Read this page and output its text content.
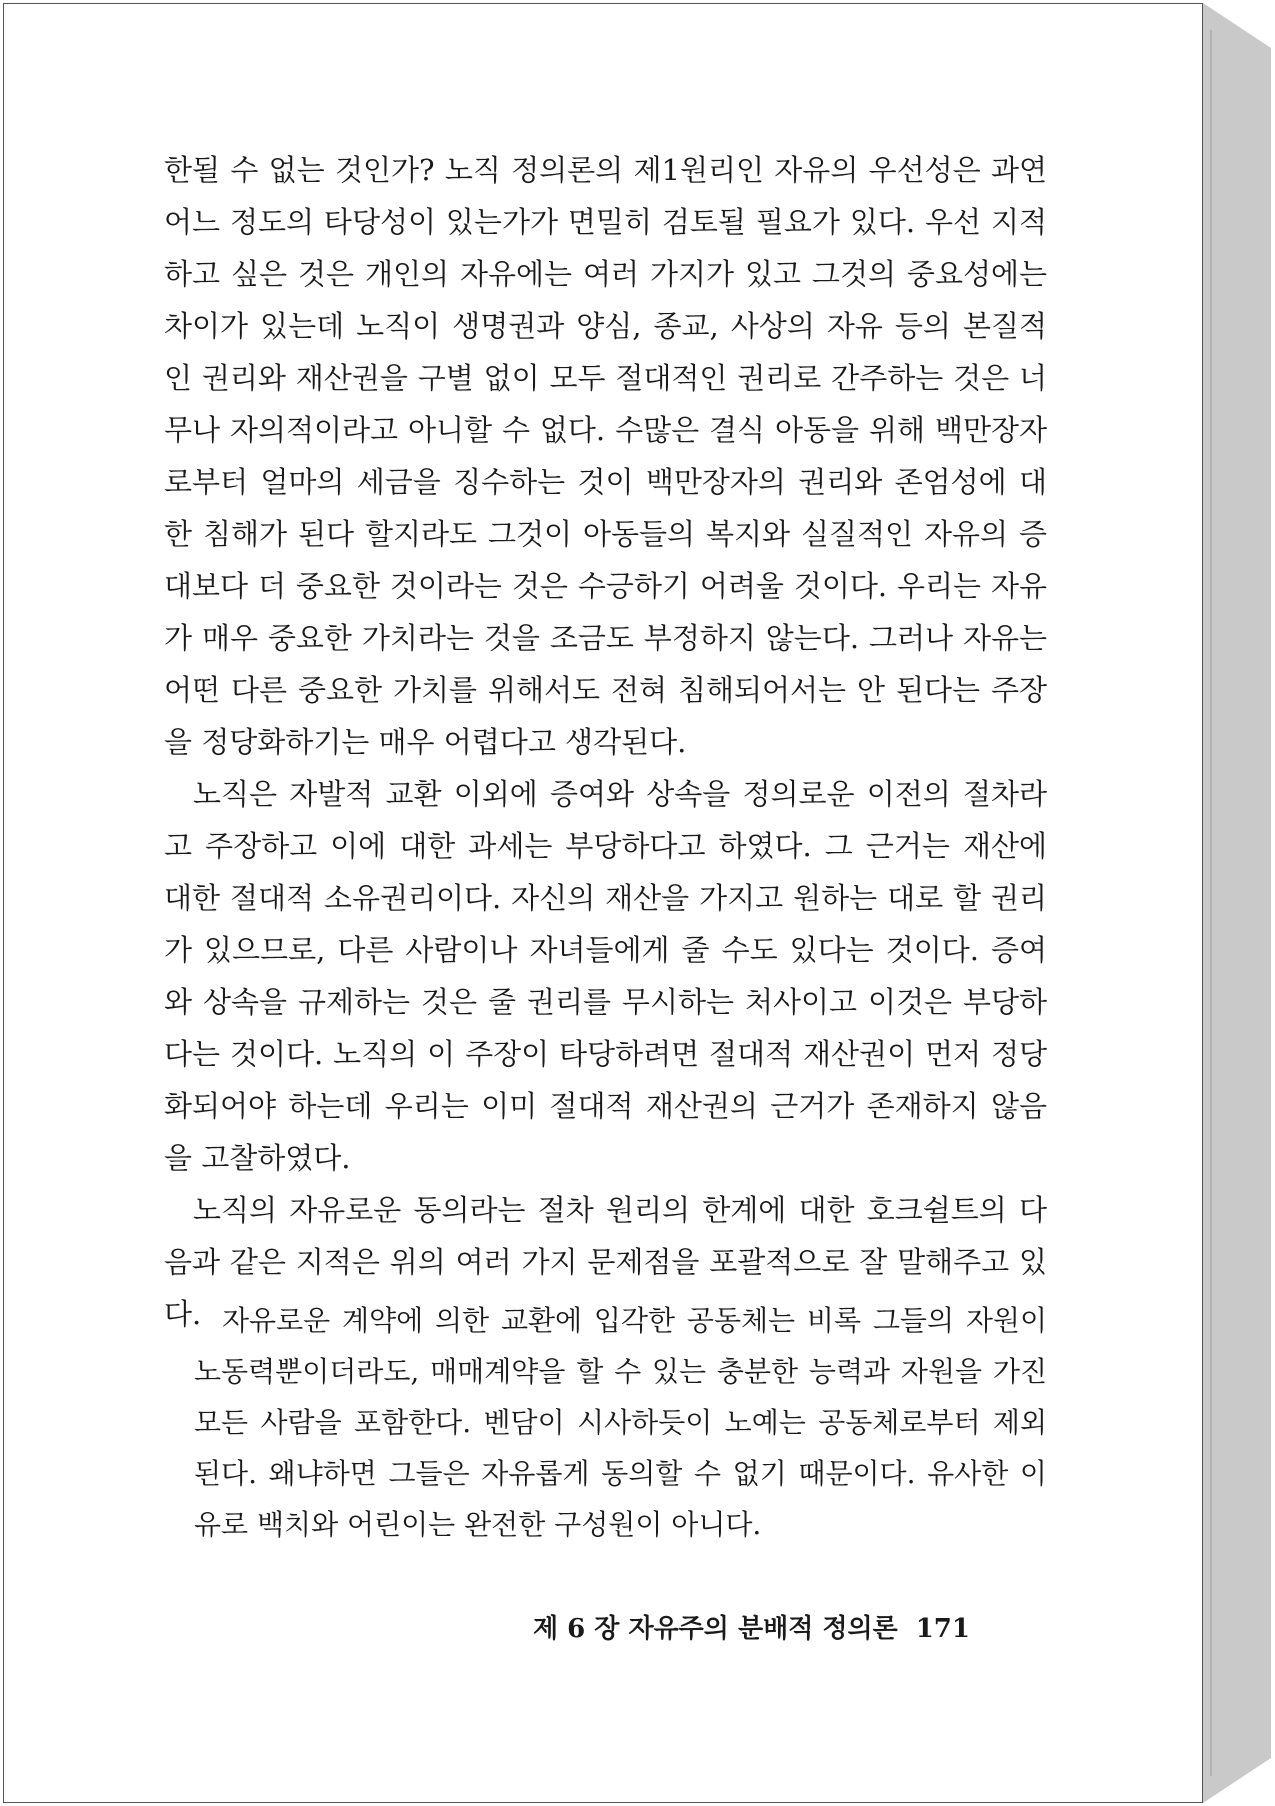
한될 수 없는 것인가? 노직 정의론의 제1원리인 자유의 우선성은 과연 어느 정도의 타당성이 있는가가 면밀히 검토될 필요가 있다. 우선 지적하고 싶은 것은 개인의 자유에는 여러 가지가 있고 그것의 중요성에는 차이가 있는데 노직이 생명권과 양심, 종교, 사상의 자유 등의 본질적인 권리와 재산권을 구별 없이 모두 절대적인 권리로 간주하는 것은 너무나 자의적이라고 아니할 수 없다. 수많은 결식 아동을 위해 백만장자로부터 얼마의 세금을 징수하는 것이 백만장자의 권리와 존엄성에 대한 침해가 된다 할지라도 그것이 아동들의 복지와 실질적인 자유의 증대보다 더 중요한 것이라는 것은 수긍하기 어려울 것이다. 우리는 자유가 매우 중요한 가치라는 것을 조금도 부정하지 않는다. 그러나 자유는 어떤 다른 중요한 가치를 위해서도 전혀 침해되어서는 안 된다는 주장을 정당화하기는 매우 어렵다고 생각된다.

노직은 자발적 교환 이외에 증여와 상속을 정의로운 이전의 절차라고 주장하고 이에 대한 과세는 부당하다고 하였다. 그 근거는 재산에 대한 절대적 소유권리이다. 자신의 재산을 가지고 원하는 대로 할 권리가 있으므로, 다른 사람이나 자녀들에게 줄 수도 있다는 것이다. 증여와 상속을 규제하는 것은 줄 권리를 무시하는 처사이고 이것은 부당하다는 것이다. 노직의 이 주장이 타당하려면 절대적 재산권이 먼저 정당화되어야 하는데 우리는 이미 절대적 재산권의 근거가 존재하지 않음을 고찰하였다.

노직의 자유로운 동의라는 절차 원리의 한계에 대한 호크쉴트의 다음과 같은 지적은 위의 여러 가지 문제점을 포괄적으로 잘 말해주고 있다. 자유로운 계약에 의한 교환에 입각한 공동체는 비록 그들의 자원이 노동력뿐이더라도, 매매계약을 할 수 있는 충분한 능력과 자원을 가진 모든 사람을 포함한다. 벤담이 시사하듯이 노예는 공동체로부터 제외된다. 왜냐하면 그들은 자유롭게 동의할 수 없기 때문이다. 유사한 이유로 백치와 어린이는 완전한 구성원이 아니다.

제 6 장 자유주의 분배적 정의론 171
